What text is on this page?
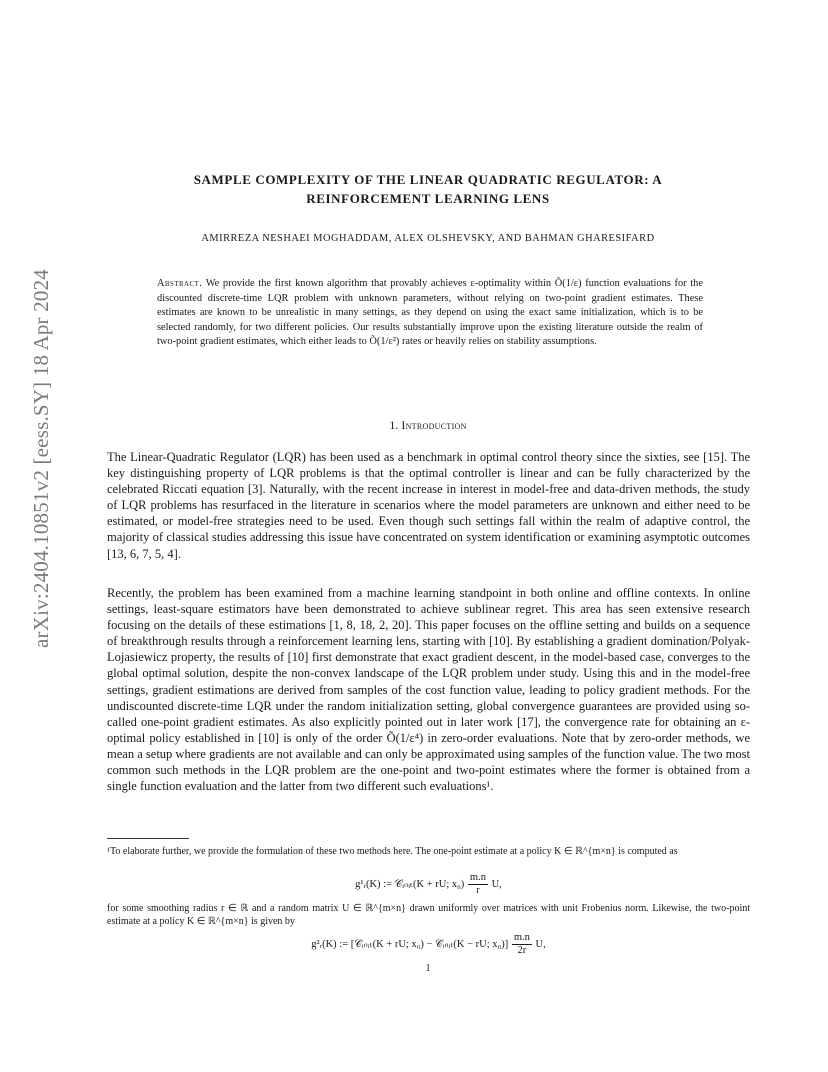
arXiv:2404.10851v2 [eess.SY] 18 Apr 2024
SAMPLE COMPLEXITY OF THE LINEAR QUADRATIC REGULATOR: A
REINFORCEMENT LEARNING LENS
AMIRREZA NESHAEI MOGHADDAM, ALEX OLSHEVSKY, AND BAHMAN GHARESIFARD
Abstract. We provide the first known algorithm that provably achieves ε-optimality within Õ(1/ε) function evaluations for the discounted discrete-time LQR problem with unknown parameters, without relying on two-point gradient estimates. These estimates are known to be unrealistic in many settings, as they depend on using the exact same initialization, which is to be selected randomly, for two different policies. Our results substantially improve upon the existing literature outside the realm of two-point gradient estimates, which either leads to Õ(1/ε²) rates or heavily relies on stability assumptions.
1. Introduction
The Linear-Quadratic Regulator (LQR) has been used as a benchmark in optimal control theory since the sixties, see [15]. The key distinguishing property of LQR problems is that the optimal controller is linear and can be fully characterized by the celebrated Riccati equation [3]. Naturally, with the recent increase in interest in model-free and data-driven methods, the study of LQR problems has resurfaced in the literature in scenarios where the model parameters are unknown and either need to be estimated, or model-free strategies need to be used. Even though such settings fall within the realm of adaptive control, the majority of classical studies addressing this issue have concentrated on system identification or examining asymptotic outcomes [13, 6, 7, 5, 4].
Recently, the problem has been examined from a machine learning standpoint in both online and offline contexts. In online settings, least-square estimators have been demonstrated to achieve sublinear regret. This area has seen extensive research focusing on the details of these estimations [1, 8, 18, 2, 20]. This paper focuses on the offline setting and builds on a sequence of breakthrough results through a reinforcement learning lens, starting with [10]. By establishing a gradient domination/Polyak-Lojasiewicz property, the results of [10] first demonstrate that exact gradient descent, in the model-based case, converges to the global optimal solution, despite the non-convex landscape of the LQR problem under study. Using this and in the model-free settings, gradient estimations are derived from samples of the cost function value, leading to policy gradient methods. For the undiscounted discrete-time LQR under the random initialization setting, global convergence guarantees are provided using so-called one-point gradient estimates. As also explicitly pointed out in later work [17], the convergence rate for obtaining an ε-optimal policy established in [10] is only of the order Õ(1/ε⁴) in zero-order evaluations. Note that by zero-order methods, we mean a setup where gradients are not available and can only be approximated using samples of the function value. The two most common such methods in the LQR problem are the one-point and two-point estimates where the former is obtained from a single function evaluation and the latter from two different such evaluations¹.
¹To elaborate further, we provide the formulation of these two methods here. The one-point estimate at a policy K ∈ ℝ^{m×n} is computed as
g¹ᵣ(K) := 𝒞ᵢₙᵢₜ(K + rU; $x_0) \frac{m.n}{r} U$,
for some smoothing radius r ∈ ℝ and a random matrix U ∈ ℝ^{m×n} drawn uniformly over matrices with unit Frobenius norm. Likewise, the two-point estimate at a policy K ∈ ℝ^{m×n} is given by
g²ᵣ(K) := [𝒞ᵢₙᵢₜ(K + rU; x₀) − 𝒞ᵢₙᵢₜ(K − rU; $x_0)] \frac{m.n}{2r} U$,
1
